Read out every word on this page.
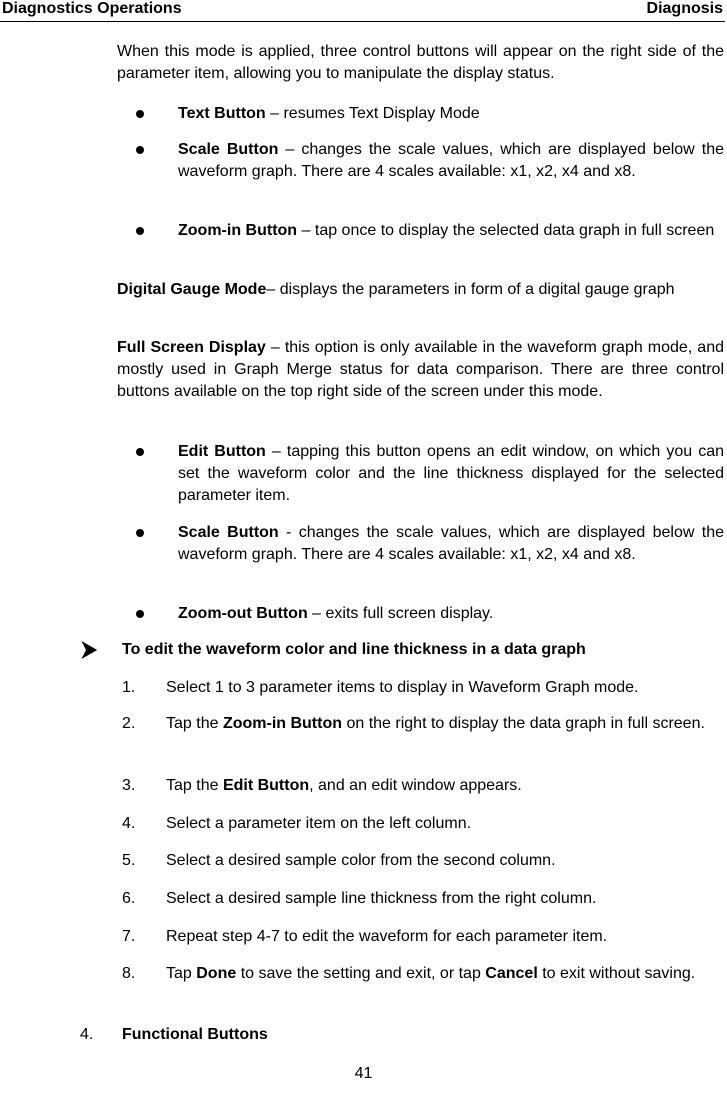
Diagnostics Operations	Diagnosis
When this mode is applied, three control buttons will appear on the right side of the parameter item, allowing you to manipulate the display status.
Text Button – resumes Text Display Mode
Scale Button – changes the scale values, which are displayed below the waveform graph. There are 4 scales available: x1, x2, x4 and x8.
Zoom-in Button – tap once to display the selected data graph in full screen
Digital Gauge Mode– displays the parameters in form of a digital gauge graph
Full Screen Display – this option is only available in the waveform graph mode, and mostly used in Graph Merge status for data comparison. There are three control buttons available on the top right side of the screen under this mode.
Edit Button – tapping this button opens an edit window, on which you can set the waveform color and the line thickness displayed for the selected parameter item.
Scale Button - changes the scale values, which are displayed below the waveform graph. There are 4 scales available: x1, x2, x4 and x8.
Zoom-out Button – exits full screen display.
To edit the waveform color and line thickness in a data graph
1. Select 1 to 3 parameter items to display in Waveform Graph mode.
2. Tap the Zoom-in Button on the right to display the data graph in full screen.
3. Tap the Edit Button, and an edit window appears.
4. Select a parameter item on the left column.
5. Select a desired sample color from the second column.
6. Select a desired sample line thickness from the right column.
7. Repeat step 4-7 to edit the waveform for each parameter item.
8. Tap Done to save the setting and exit, or tap Cancel to exit without saving.
4. Functional Buttons
41
